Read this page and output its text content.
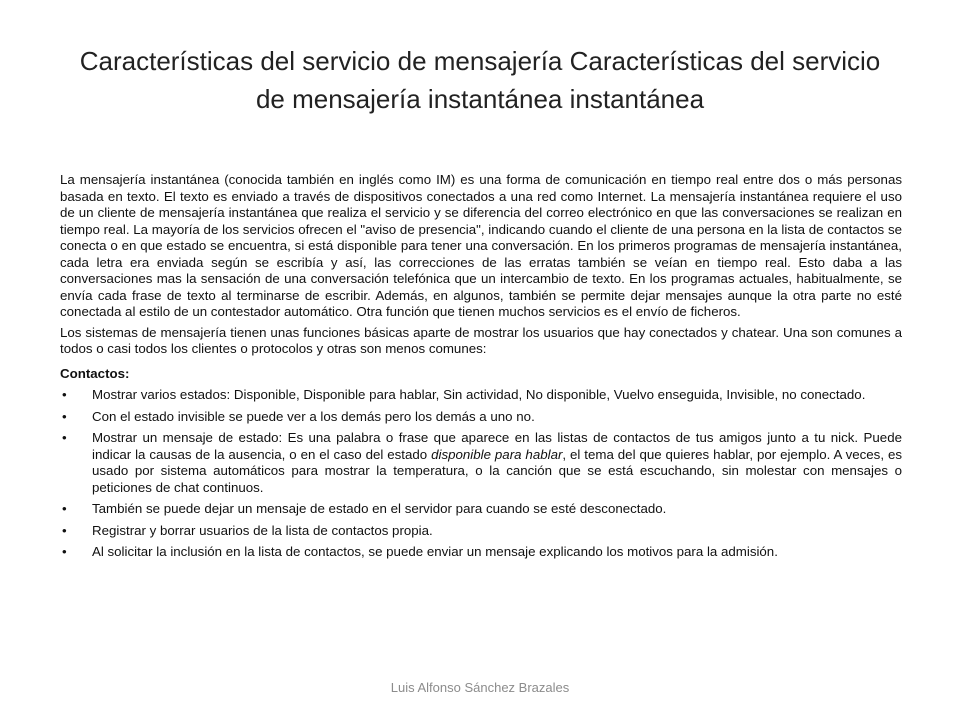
Características del servicio de mensajería Características del servicio de mensajería instantánea instantánea

La mensajería instantánea (conocida también en inglés como IM) es una forma de comunicación en tiempo real entre dos o más personas basada en texto. El texto es enviado a través de dispositivos conectados a una red como Internet. La mensajería instantánea requiere el uso de un cliente de mensajería instantánea que realiza el servicio y se diferencia del correo electrónico en que las conversaciones se realizan en tiempo real. La mayoría de los servicios ofrecen el "aviso de presencia", indicando cuando el cliente de una persona en la lista de contactos se conecta o en que estado se encuentra, si está disponible para tener una conversación. En los primeros programas de mensajería instantánea, cada letra era enviada según se escribía y así, las correcciones de las erratas también se veían en tiempo real. Esto daba a las conversaciones mas la sensación de una conversación telefónica que un intercambio de texto. En los programas actuales, habitualmente, se envía cada frase de texto al terminarse de escribir. Además, en algunos, también se permite dejar mensajes aunque la otra parte no esté conectada al estilo de un contestador automático. Otra función que tienen muchos servicios es el envío de ficheros.

Los sistemas de mensajería tienen unas funciones básicas aparte de mostrar los usuarios que hay conectados y chatear. Una son comunes a todos o casi todos los clientes o protocolos y otras son menos comunes:

Contactos:
•	Mostrar varios estados: Disponible, Disponible para hablar, Sin actividad, No disponible, Vuelvo enseguida, Invisible, no conectado.
•	Con el estado invisible se puede ver a los demás pero los demás a uno no.
•	Mostrar un mensaje de estado: Es una palabra o frase que aparece en las listas de contactos de tus amigos junto a tu nick. Puede indicar la causas de la ausencia, o en el caso del estado disponible para hablar, el tema del que quieres hablar, por ejemplo. A veces, es usado por sistema automáticos para mostrar la temperatura, o la canción que se está escuchando, sin molestar con mensajes o peticiones de chat continuos.
•	También se puede dejar un mensaje de estado en el servidor para cuando se esté desconectado.
•	Registrar y borrar usuarios de la lista de contactos propia.
•	Al solicitar la inclusión en la lista de contactos, se puede enviar un mensaje explicando los motivos para la admisión.
Luis Alfonso Sánchez Brazales
